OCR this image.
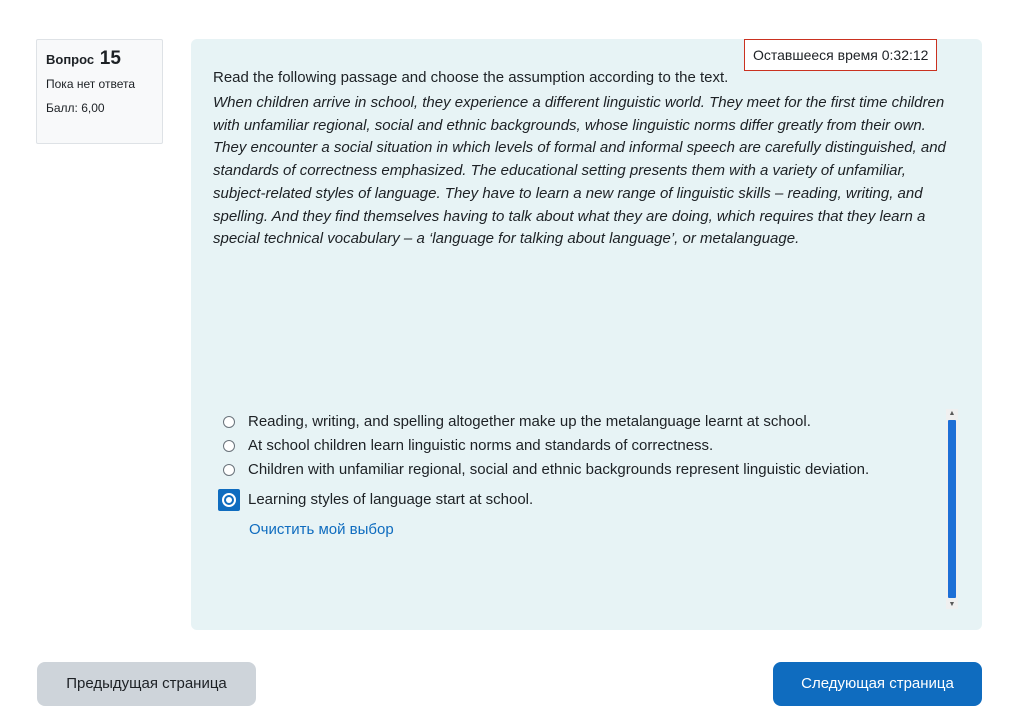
Вопрос 15
Пока нет ответа
Балл: 6,00

Read the following passage and choose the assumption according to the text.

When children arrive in school, they experience a different linguistic world. They meet for the first time children with unfamiliar regional, social and ethnic backgrounds, whose linguistic norms differ greatly from their own. They encounter a social situation in which levels of formal and informal speech are carefully distinguished, and standards of correctness emphasized. The educational setting presents them with a variety of unfamiliar, subject-related styles of language. They have to learn a new range of linguistic skills – reading, writing, and spelling. And they find themselves having to talk about what they are doing, which requires that they learn a special technical vocabulary – a ‘language for talking about language’, or metalanguage.

Reading, writing, and spelling altogether make up the metalanguage learnt at school.
At school children learn linguistic norms and standards of correctness.
Children with unfamiliar regional, social and ethnic backgrounds represent linguistic deviation.
Learning styles of language start at school.
Очистить мой выбор
▲
▼
Оставшееся время 0:32:12
Предыдущая страница	Следующая страница
